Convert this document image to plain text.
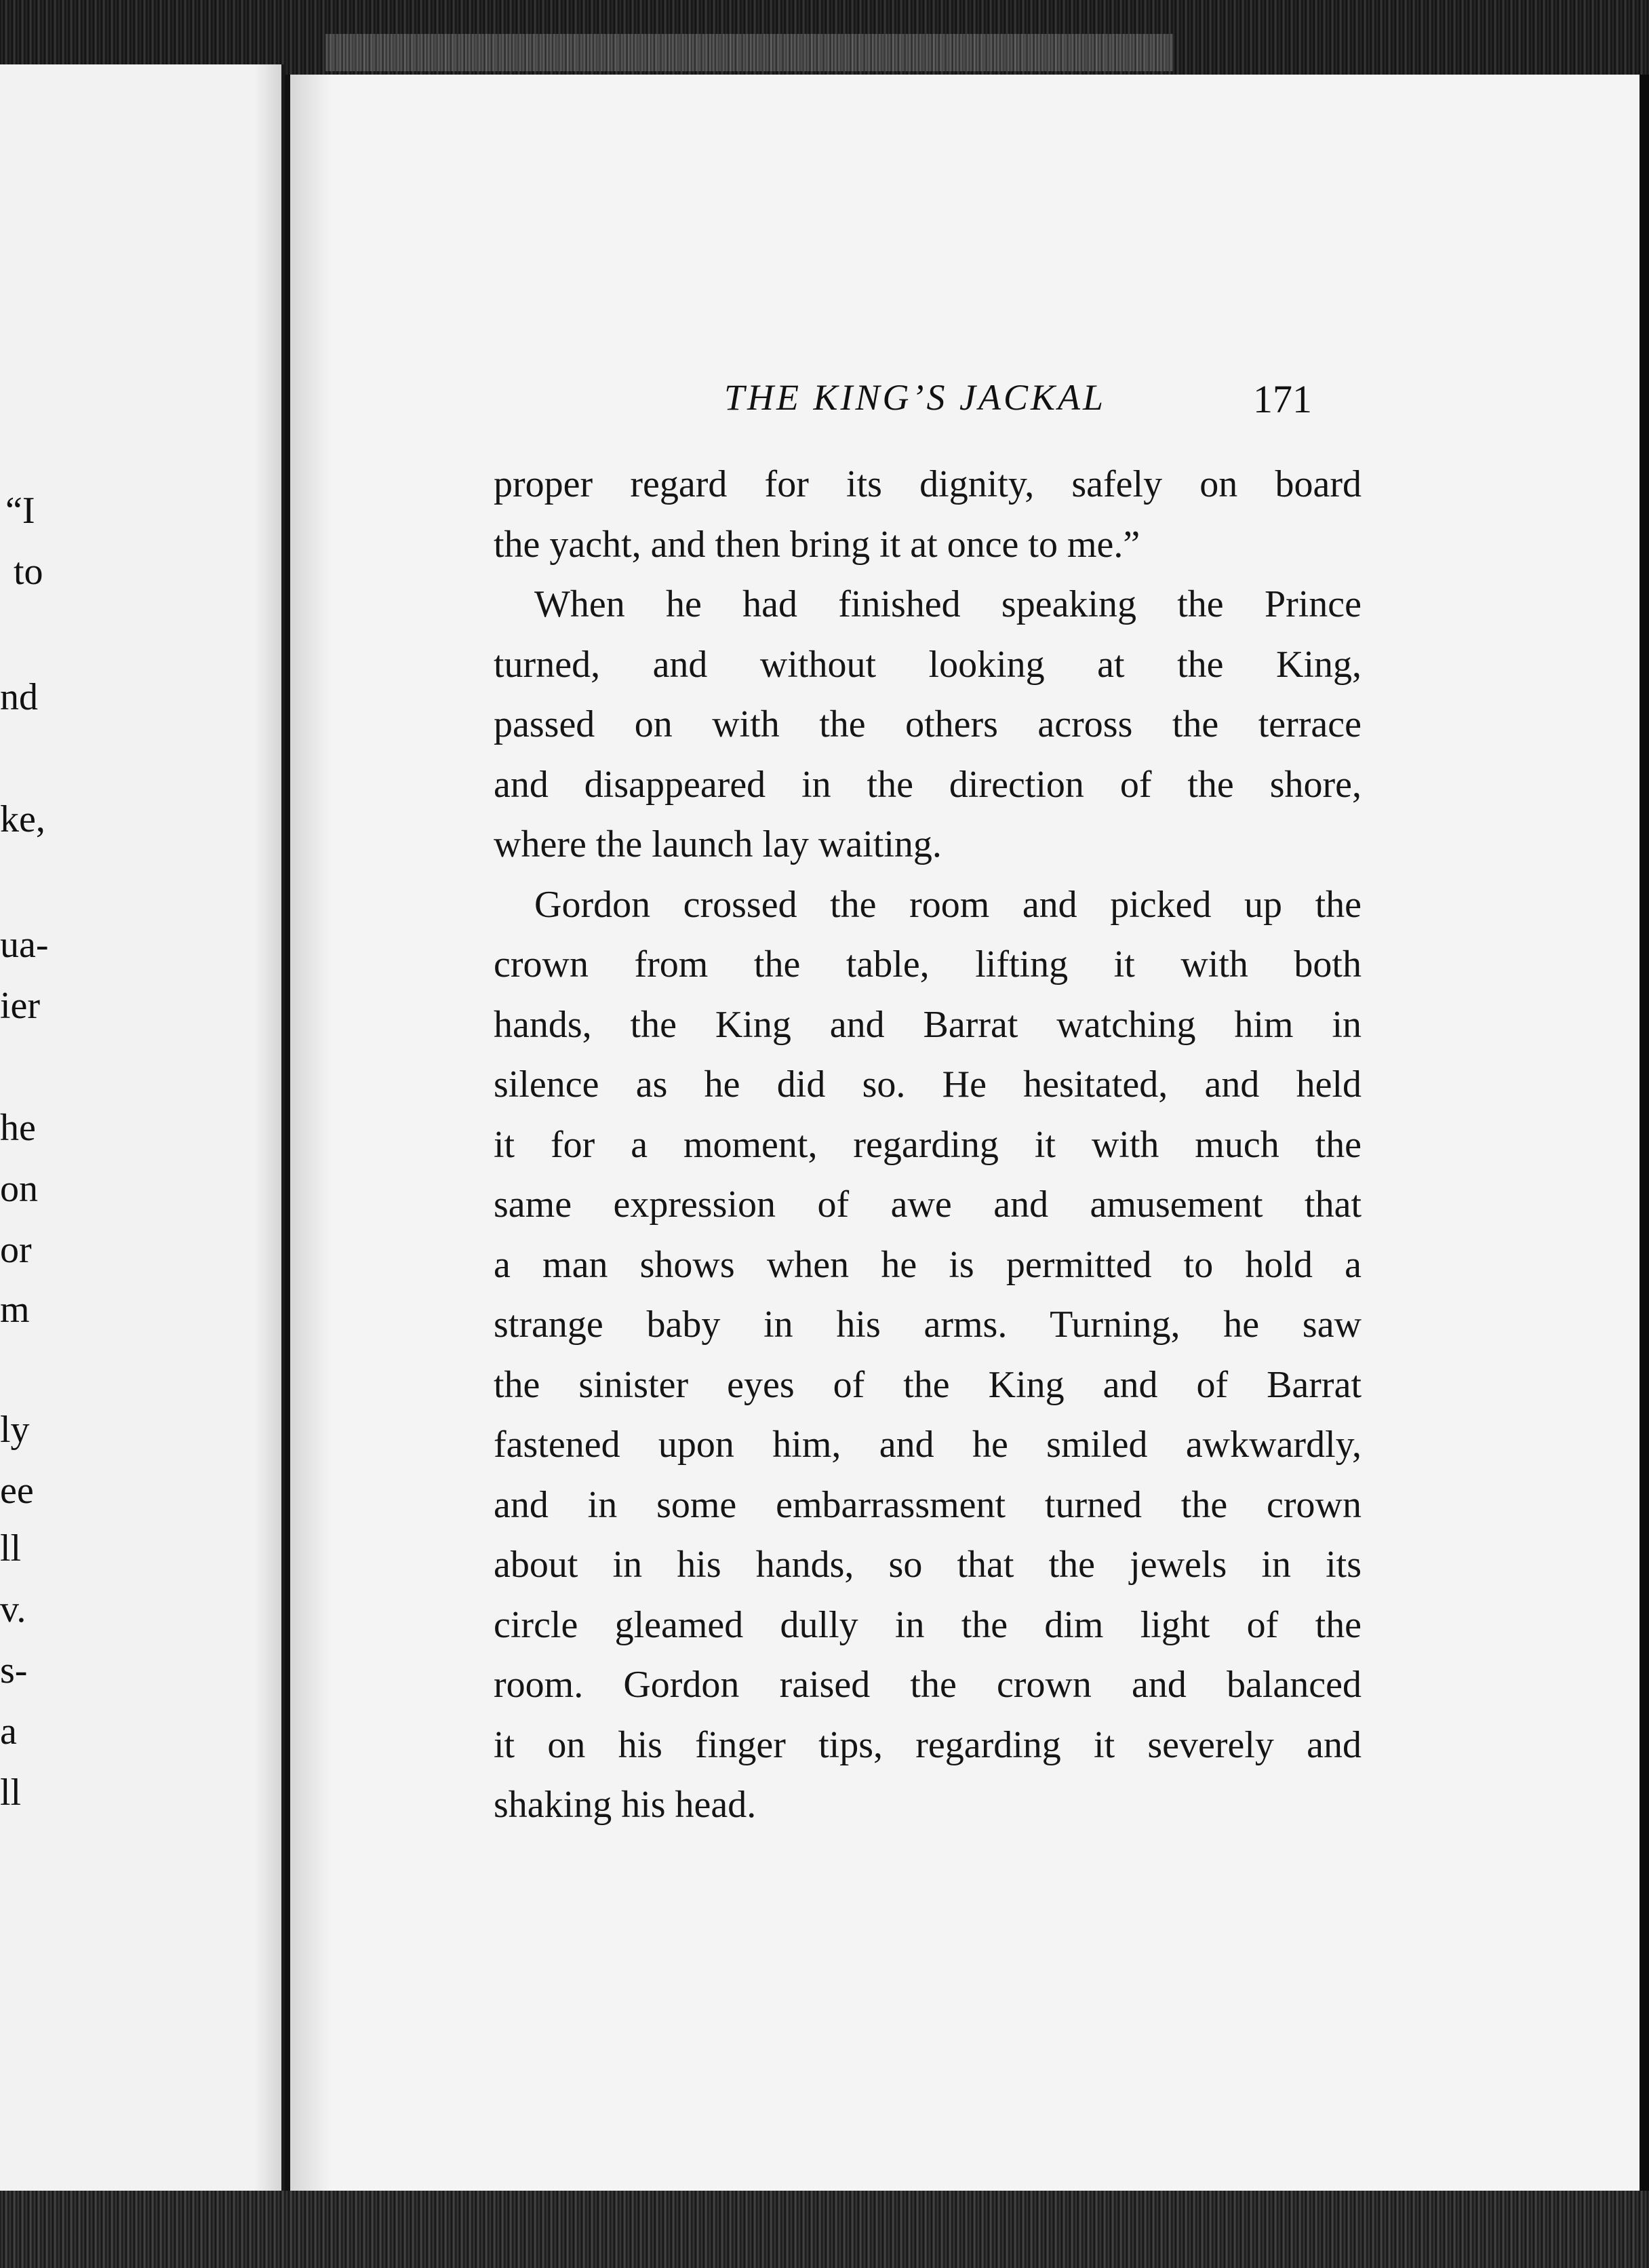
“I
to
nd
ke,
ua-
ier
he
on
or
m
ly
ee
ll
v.
s-
a
ll
THE KING’S JACKAL	171
proper regard for its dignity, safely on board
the yacht, and then bring it at once to me.”
When he had finished speaking the Prince
turned, and without looking at the King,
passed on with the others across the terrace
and disappeared in the direction of the shore,
where the launch lay waiting.
Gordon crossed the room and picked up the
crown from the table, lifting it with both
hands, the King and Barrat watching him in
silence as he did so. He hesitated, and held
it for a moment, regarding it with much the
same expression of awe and amusement that
a man shows when he is permitted to hold a
strange baby in his arms. Turning, he saw
the sinister eyes of the King and of Barrat
fastened upon him, and he smiled awkwardly,
and in some embarrassment turned the crown
about in his hands, so that the jewels in its
circle gleamed dully in the dim light of the
room. Gordon raised the crown and balanced
it on his finger tips, regarding it severely and
shaking his head.
